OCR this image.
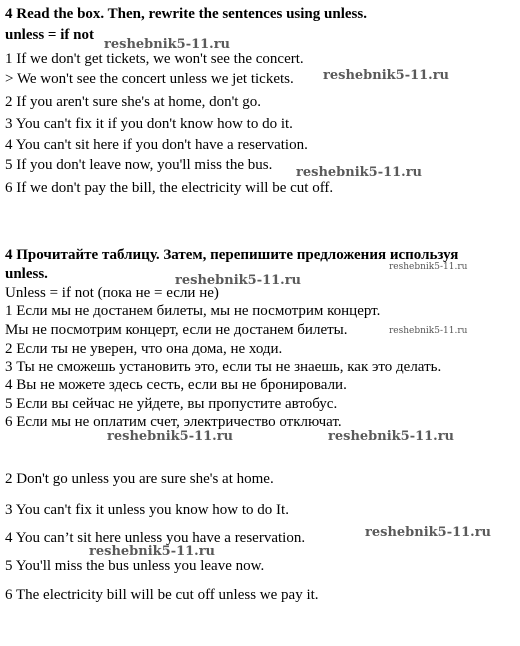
4 Read the box. Then, rewrite the sentences using unless.
unless = if not
1 If we don't get tickets, we won't see the concert.
> We won't see the concert unless we jet tickets.
2 If you aren't sure she's at home, don't go.
3 You can't fix it if you don't know how to do it.
4 You can't sit here if you don't have a reservation.
5 If you don't leave now, you'll miss the bus.
6 If we don't pay the bill, the electricity will be cut off.
4 Прочитайте таблицу. Затем, перепишите предложения используя
unless.
Unless = if not (пока не = если не)
1 Если мы не достанем билеты, мы не посмотрим концерт.
Мы не посмотрим концерт, если не достанем билеты.
2 Если ты не уверен, что она дома, не ходи.
3 Ты не сможешь установить это, если ты не знаешь, как это делать.
4 Вы не можете здесь сесть, если вы не бронировали.
5 Если вы сейчас не уйдете, вы пропустите автобус.
6 Если мы не оплатим счет, электричество отключат.
2 Don't go unless you are sure she's at home.
3 You can't fix it unless you know how to do It.
4 You can’t sit here unless you have a reservation.
5 You'll miss the bus unless you leave now.
6 The electricity bill will be cut off unless we pay it.
reshebnik5-11.ru
reshebnik5-11.ru
reshebnik5-11.ru
reshebnik5-11.ru
reshebnik5-11.ru
reshebnik5-11.ru
reshebnik5-11.ru	reshebnik5-11.ru
reshebnik5-11.ru
reshebnik5-11.ru
